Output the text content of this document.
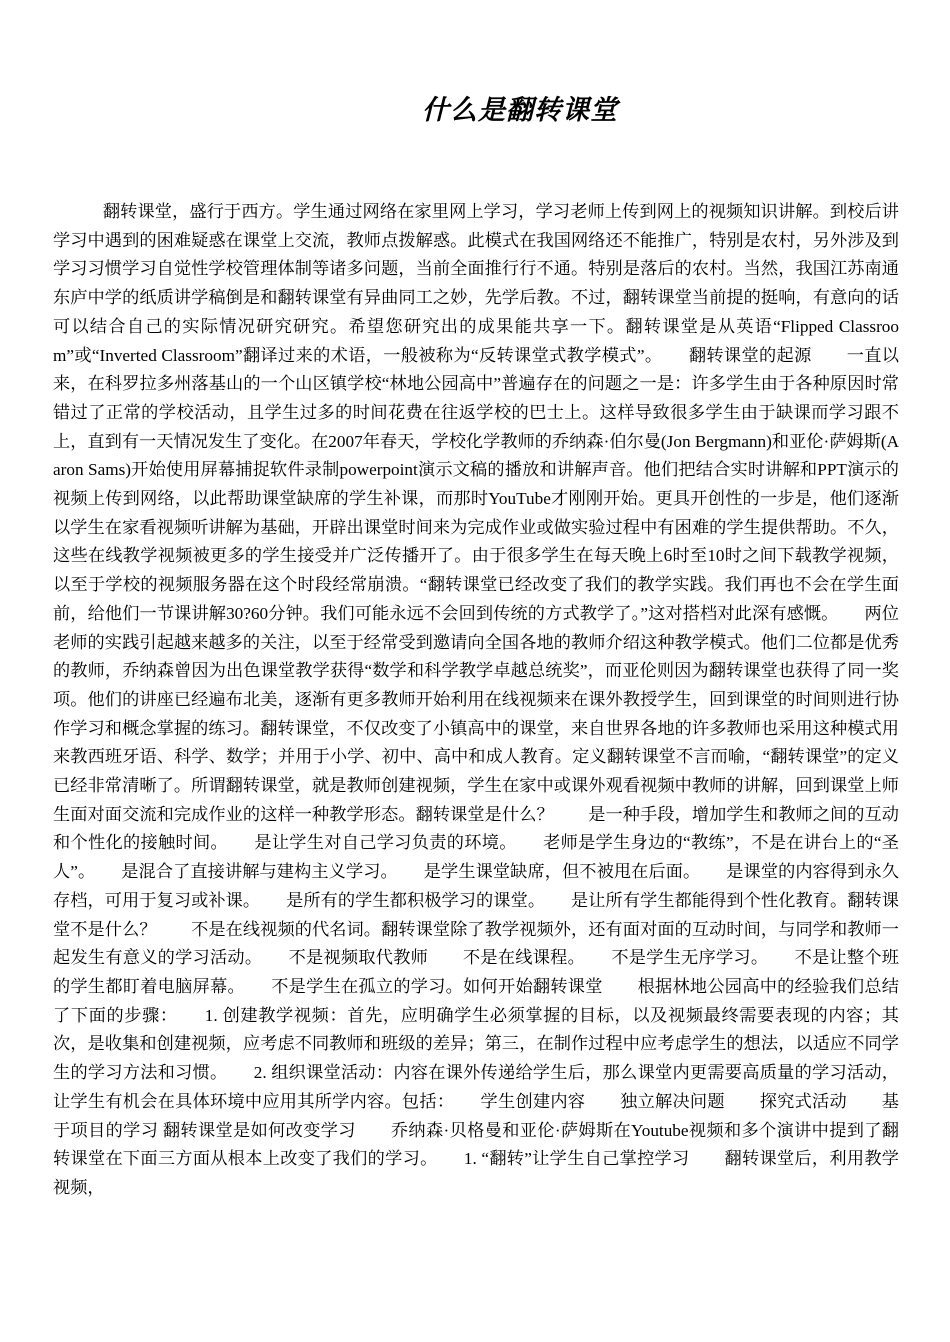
什么是翻转课堂
翻转课堂，盛行于西方。学生通过网络在家里网上学习，学习老师上传到网上的视频知识讲解。到校后讲学习中遇到的困难疑惑在课堂上交流，教师点拨解惑。此模式在我国网络还不能推广，特别是农村，另外涉及到学习习惯学习自觉性学校管理体制等诸多问题，当前全面推行行不通。特别是落后的农村。当然，我国江苏南通东庐中学的纸质讲学稿倒是和翻转课堂有异曲同工之妙，先学后教。不过，翻转课堂当前提的挺响，有意向的话可以结合自己的实际情况研究研究。希望您研究出的成果能共享一下。翻转课堂是从英语“Flipped Classroom”或“Inverted Classroom”翻译过来的术语，一般被称为“反转课堂式教学模式”。　　翻转课堂的起源　　一直以来，在科罗拉多州落基山的一个山区镇学校“林地公园高中”普遍存在的问题之一是：许多学生由于各种原因时常错过了正常的学校活动，且学生过多的时间花费在往返学校的巴士上。这样导致很多学生由于缺课而学习跟不上，直到有一天情况发生了变化。在2007年春天，学校化学教师的乔纳森·伯尔曼(Jon Bergmann)和亚伦·萨姆斯(Aaron Sams)开始使用屏幕捕捉软件录制powerpoint演示文稿的播放和讲解声音。他们把结合实时讲解和PPT演示的视频上传到网络，以此帮助课堂缺席的学生补课，而那时YouTube才刚刚开始。更具开创性的一步是，他们逐渐以学生在家看视频听讲解为基础，开辟出课堂时间来为完成作业或做实验过程中有困难的学生提供帮助。不久，这些在线教学视频被更多的学生接受并广泛传播开了。由于很多学生在每天晚上6时至10时之间下载教学视频，以至于学校的视频服务器在这个时段经常崩溃。“翻转课堂已经改变了我们的教学实践。我们再也不会在学生面前，给他们一节课讲解30?60分钟。我们可能永远不会回到传统的方式教学了。”这对搭档对此深有感慨。　　两位老师的实践引起越来越多的关注，以至于经常受到邀请向全国各地的教师介绍这种教学模式。他们二位都是优秀的教师，乔纳森曾因为出色课堂教学获得“数学和科学教学卓越总统奖”，而亚伦则因为翻转课堂也获得了同一奖项。他们的讲座已经遍布北美，逐渐有更多教师开始利用在线视频来在课外教授学生，回到课堂的时间则进行协作学习和概念掌握的练习。翻转课堂，不仅改变了小镇高中的课堂，来自世界各地的许多教师也采用这种模式用来教西班牙语、科学、数学；并用于小学、初中、高中和成人教育。定义翻转课堂不言而喻，“翻转课堂”的定义已经非常清晰了。所谓翻转课堂，就是教师创建视频，学生在家中或课外观看视频中教师的讲解，回到课堂上师生面对面交流和完成作业的这样一种教学形态。翻转课堂是什么？　　是一种手段，增加学生和教师之间的互动和个性化的接触时间。　　是让学生对自己学习负责的环境。　　老师是学生身边的“教练”，不是在讲台上的“圣人”。　　是混合了直接讲解与建构主义学习。　　是学生课堂缺席，但不被甩在后面。　　是课堂的内容得到永久存档，可用于复习或补课。　　是所有的学生都积极学习的课堂。　　是让所有学生都能得到个性化教育。翻转课堂不是什么？　　不是在线视频的代名词。翻转课堂除了教学视频外，还有面对面的互动时间，与同学和教师一起发生有意义的学习活动。　　不是视频取代教师　　不是在线课程。　　不是学生无序学习。　　不是让整个班的学生都盯着电脑屏幕。　　不是学生在孤立的学习。如何开始翻转课堂　　根据林地公园高中的经验我们总结了下面的步骤：　　1. 创建教学视频：首先，应明确学生必须掌握的目标，以及视频最终需要表现的内容；其次，是收集和创建视频，应考虑不同教师和班级的差异；第三，在制作过程中应考虑学生的想法，以适应不同学生的学习方法和习惯。　　2. 组织课堂活动：内容在课外传递给学生后，那么课堂内更需要高质量的学习活动，让学生有机会在具体环境中应用其所学内容。包括：　　学生创建内容　　独立解决问题　　探究式活动　　基于项目的学习 翻转课堂是如何改变学习　　乔纳森·贝格曼和亚伦·萨姆斯在Youtube视频和多个演讲中提到了翻转课堂在下面三方面从根本上改变了我们的学习。　　1. “翻转”让学生自己掌控学习　　翻转课堂后，利用教学视频，
